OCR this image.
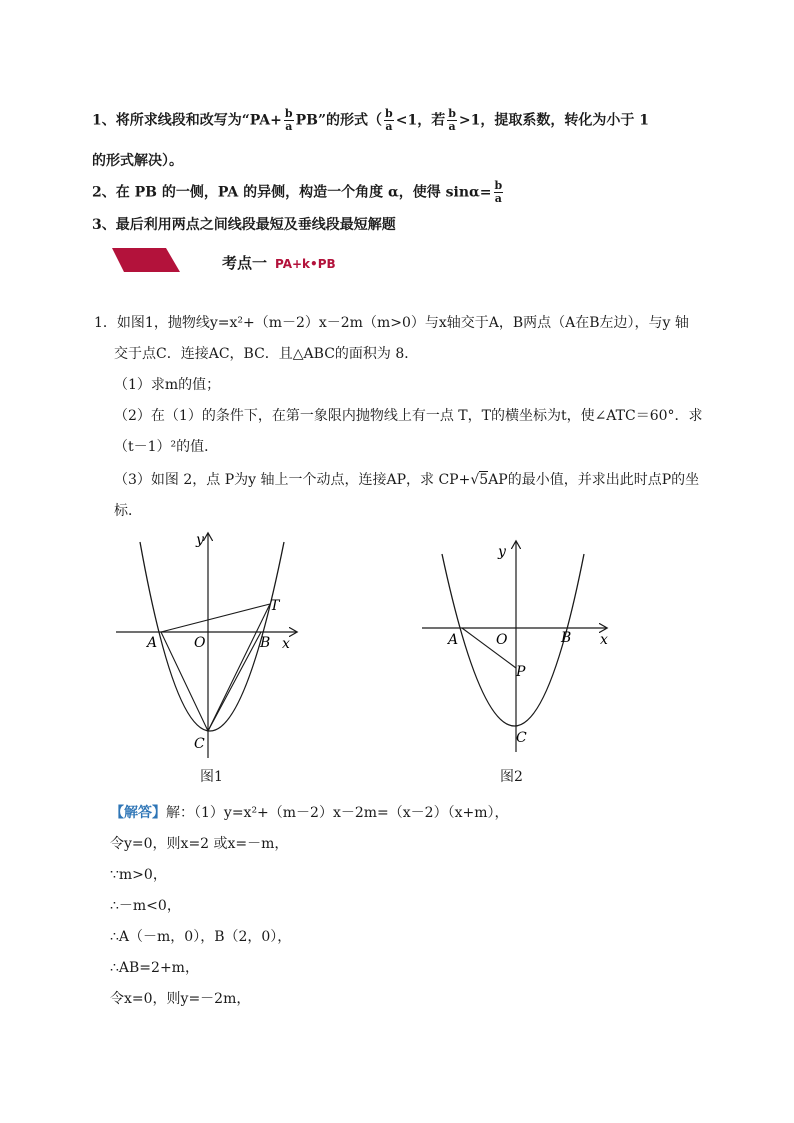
1、将所求线段和改写为“$PA+ \frac{b}{a}$ PB”的形式（ $\frac{b}{a} <1$，若 $\frac{b}{a} >1$，提取系数，转化为小于 1
的形式解决）。
2、在 PB 的一侧，PA 的异侧，构造一个角度 α，使得 $\sin\alpha= \frac{b}{a}$
3、最后利用两点之间线段最短及垂线段最短解题
考点一 PA+k•PB
1．如图1，抛物线y=x²+（m－2）x－2m（m>0）与x轴交于A，B两点（A在B左边），与y 轴
交于点C．连接AC，BC．且△ABC的面积为 8．
（1）求m的值；
（2）在（1）的条件下，在第一象限内抛物线上有一点 T，T的横坐标为t，使∠ATC＝60°．求
（t－1）²的值．
（3）如图 2，点 P为y 轴上一个动点，连接AP，求 CP+√5AP的最小值，并求出此时点P的坐
标．
y
x
A	O	B
C
T
图1
y
x
A	O	B
P
C
图2
【解答】解：（1）y=x²+（m－2）x－2m=（x－2）（x+m），
令y=0，则x=2 或x=－m，
∵m>0，
∴－m<0，
∴A（－m，0），B（2，0），
∴AB=2+m，
令x=0，则y=－2m，
